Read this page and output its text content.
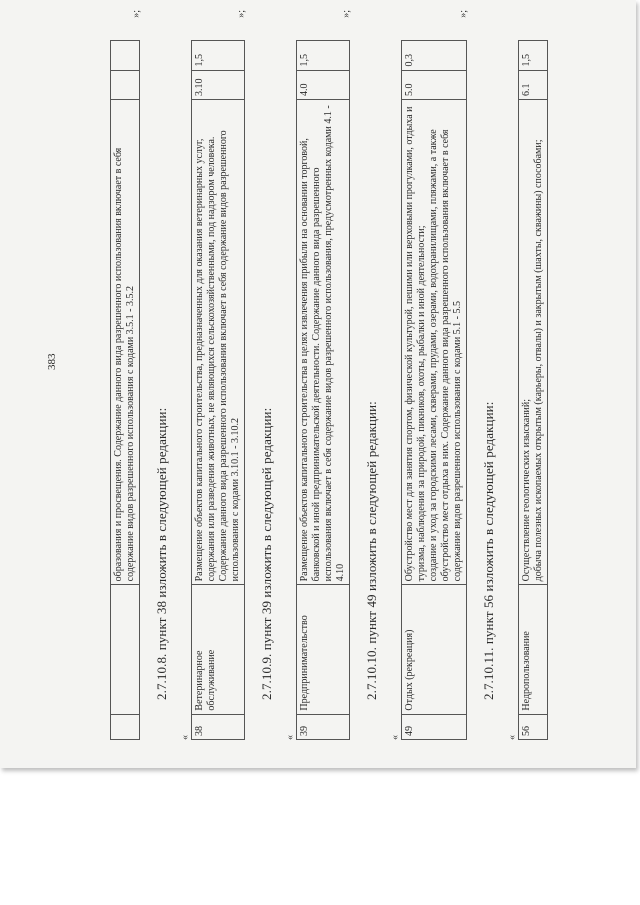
383
			образования и просвещения. Содержание данного вида разрешенного использования включает в себя содержание видов разрешенного использования с кодами 3.5.1 - 3.5.2		
»;
2.7.10.8. пункт 38 изложить в следующей редакции:
«
38	Ветеринарное обслуживание	Размещение объектов капитального строительства, предназначенных для оказания ветеринарных услуг, содержания или разведения животных, не являющихся сельскохозяйственными, под надзором человека. Содержание данного вида разрешенного использования включает в себя содержание видов разрешенного использования с кодами 3.10.1 - 3.10.2	3.10	1,5
»;
2.7.10.9. пункт 39 изложить в следующей редакции:
«
39	Предпринимательство	Размещение объектов капитального строительства в целях извлечения прибыли на основании торговой, банковской и иной предпринимательской деятельности. Содержание данного вида разрешенного использования включает в себя содержание видов разрешенного использования, предусмотренных кодами 4.1 - 4.10	4.0	1,5
»;
2.7.10.10. пункт 49 изложить в следующей редакции:
«
49	Отдых (рекреация)	Обустройство мест для занятия спортом, физической культурой, пешими или верховыми прогулками, отдыха и туризма, наблюдения за природой, пикников, охоты, рыбалки и иной деятельности;
создание и уход за городскими лесами, скверами, прудами, озерами, водохранилищами, пляжами, а также обустройство мест отдыха в них. Содержание данного вида разрешенного использования включает в себя содержание видов разрешенного использования с кодами 5.1 - 5.5	5.0	0,3
»;
2.7.10.11. пункт 56 изложить в следующей редакции:
«
56	Недропользование	Осуществление геологических изысканий;
добыча полезных ископаемых открытым (карьеры, отвалы) и закрытым (шахты, скважины) способами;	6.1	1,5
